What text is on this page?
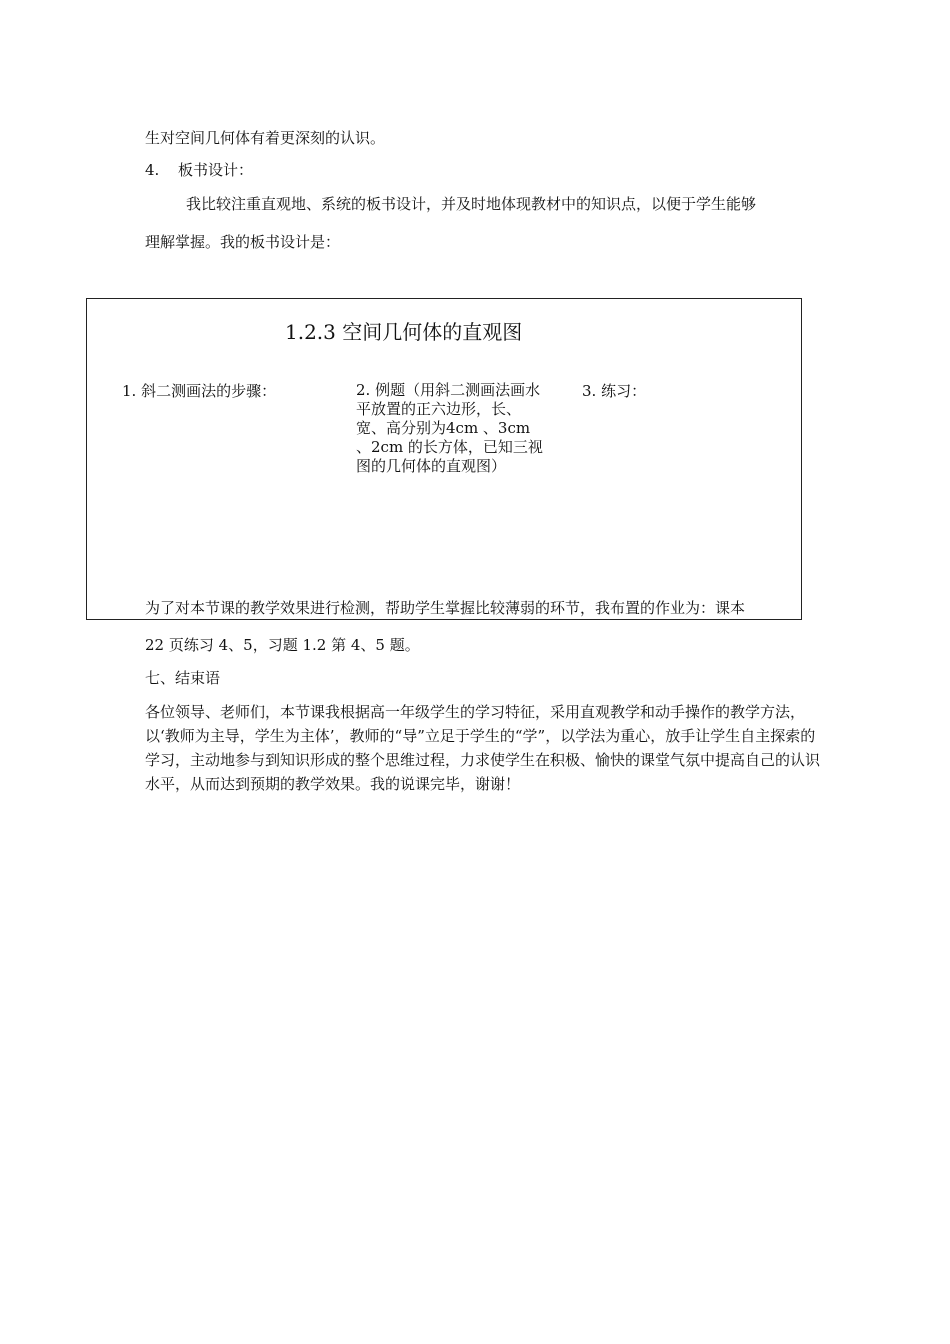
生对空间几何体有着更深刻的认识。
4. 板书设计：
我比较注重直观地、系统的板书设计，并及时地体现教材中的知识点，以便于学生能够
理解掌握。我的板书设计是：
1.2.3 空间几何体的直观图
1. 斜二测画法的步骤：	2. 例题（用斜二测画法画水平放置的正六边形，长、宽、高分别为4cm 、3cm 、2cm 的长方体，已知三视图的几何体的直观图）
3. 练习：
为了对本节课的教学效果进行检测，帮助学生掌握比较薄弱的环节，我布置的作业为：课本
22 页练习 4、5，习题 1.2 第 4、5 题。
七、结束语
各位领导、老师们，本节课我根据高一年级学生的学习特征，采用直观教学和动手操作的教学方法，以‘教师为主导，学生为主体’，教师的“导”立足于学生的“学”，以学法为重心，放手让学生自主探索的学习，主动地参与到知识形成的整个思维过程，力求使学生在积极、愉快的课堂气氛中提高自己的认识水平，从而达到预期的教学效果。我的说课完毕，谢谢！
